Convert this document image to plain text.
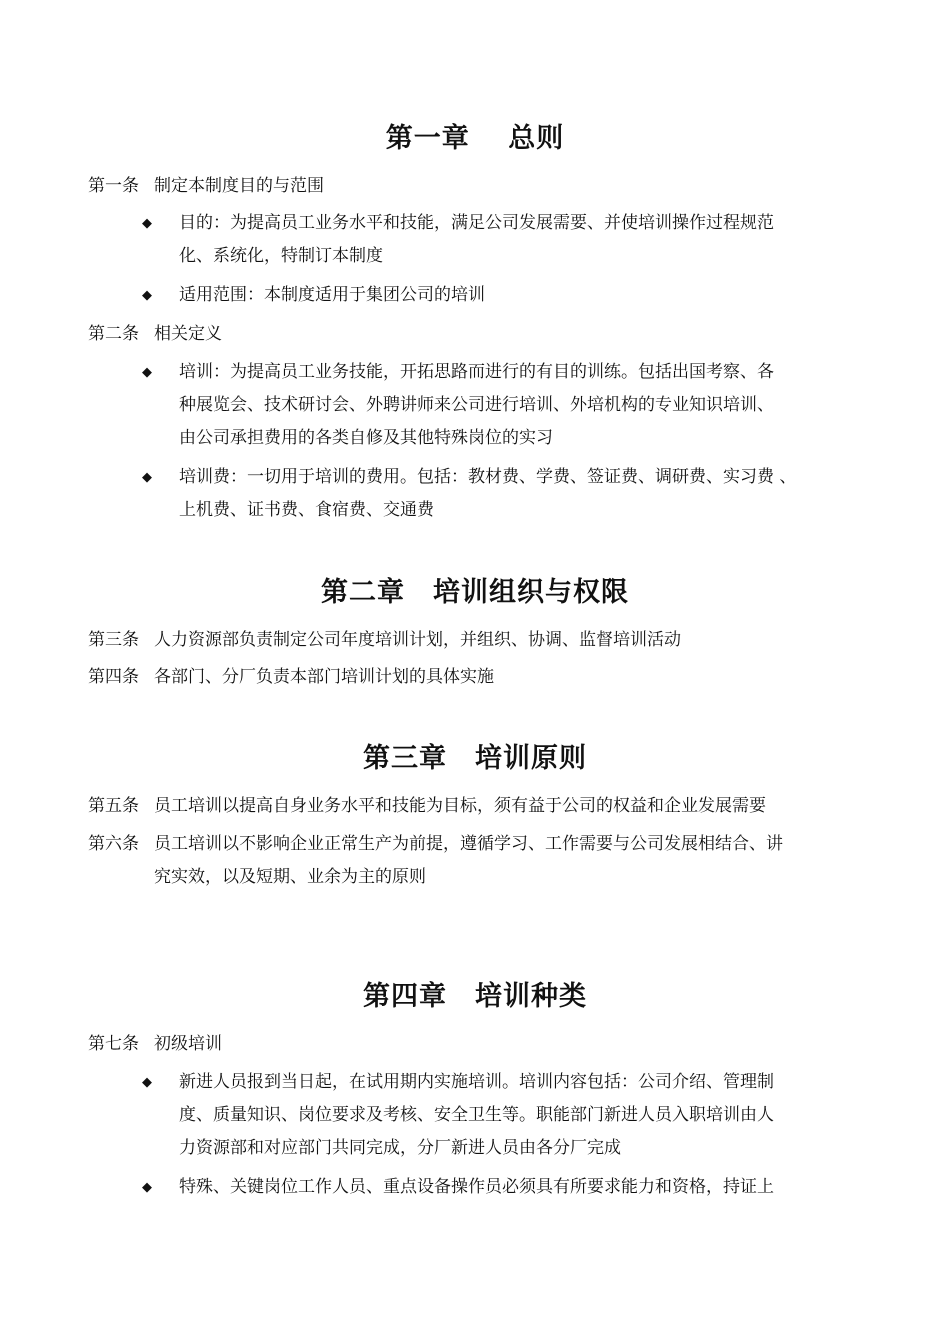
第一章　 总则
第一条 制定本制度目的与范围
◆ 目的：为提高员工业务水平和技能，满足公司发展需要、并使培训操作过程规范
化、系统化，特制订本制度
◆ 适用范围：本制度适用于集团公司的培训
第二条 相关定义
◆ 培训：为提高员工业务技能，开拓思路而进行的有目的训练。包括出国考察、各
种展览会、技术研讨会、外聘讲师来公司进行培训、外培机构的专业知识培训、
由公司承担费用的各类自修及其他特殊岗位的实习
◆ 培训费：一切用于培训的费用。包括：教材费、学费、签证费、调研费、实习费 、
上机费、证书费、食宿费、交通费
第二章　培训组织与权限
第三条 人力资源部负责制定公司年度培训计划，并组织、协调、监督培训活动
第四条 各部门、分厂负责本部门培训计划的具体实施
第三章　培训原则
第五条 员工培训以提高自身业务水平和技能为目标，须有益于公司的权益和企业发展需要
第六条 员工培训以不影响企业正常生产为前提，遵循学习、工作需要与公司发展相结合、讲
究实效，以及短期、业余为主的原则
第四章　培训种类
第七条 初级培训
◆ 新进人员报到当日起，在试用期内实施培训。培训内容包括：公司介绍、管理制
度、质量知识、岗位要求及考核、安全卫生等。职能部门新进人员入职培训由人
力资源部和对应部门共同完成，分厂新进人员由各分厂完成
◆ 特殊、关键岗位工作人员、重点设备操作员必须具有所要求能力和资格，持证上
